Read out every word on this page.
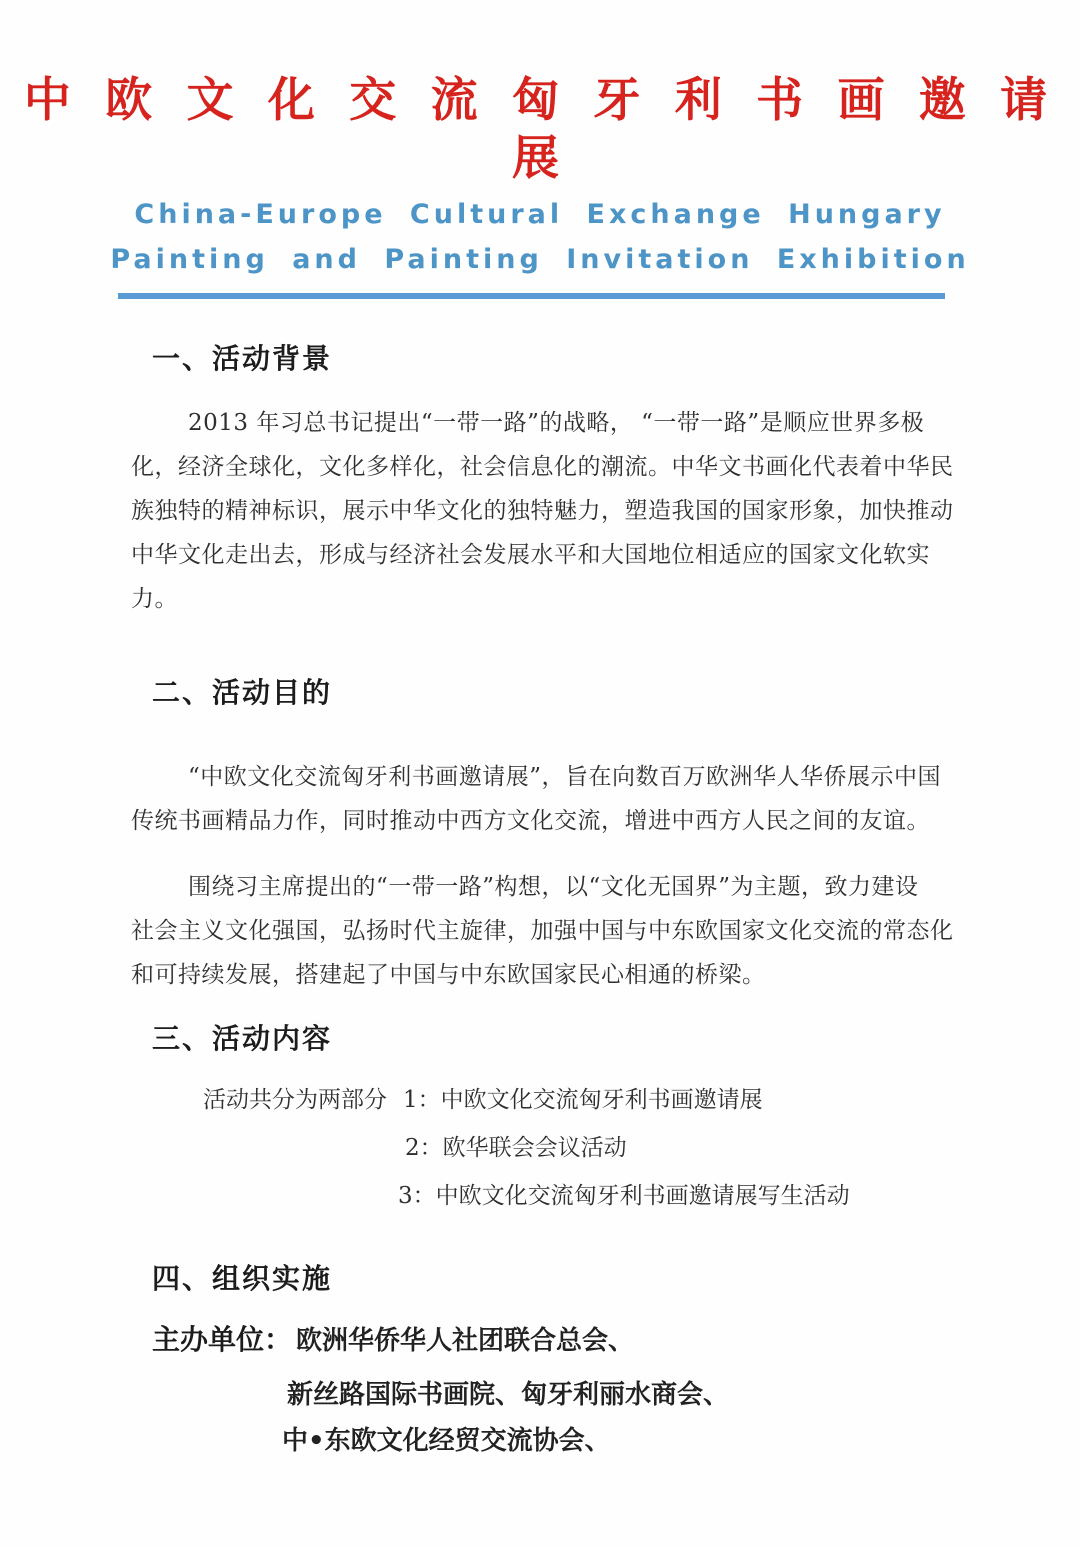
中 欧 文 化 交 流 匈 牙 利 书 画 邀 请 展
China-Europe Cultural Exchange Hungary
Painting and Painting Invitation Exhibition
一、活动背景
2013 年习总书记提出“一带一路”的战略， “一带一路”是顺应世界多极
化，经济全球化，文化多样化，社会信息化的潮流。中华文书画化代表着中华民
族独特的精神标识，展示中华文化的独特魅力，塑造我国的国家形象，加快推动
中华文化走出去，形成与经济社会发展水平和大国地位相适应的国家文化软实
力。
二、活动目的
“中欧文化交流匈牙利书画邀请展”，旨在向数百万欧洲华人华侨展示中国
传统书画精品力作，同时推动中西方文化交流，增进中西方人民之间的友谊。
围绕习主席提出的“一带一路”构想，以“文化无国界”为主题，致力建设
社会主义文化强国，弘扬时代主旋律，加强中国与中东欧国家文化交流的常态化
和可持续发展，搭建起了中国与中东欧国家民心相通的桥梁。
三、活动内容
活动共分为两部分 1：中欧文化交流匈牙利书画邀请展
2：欧华联会会议活动
3：中欧文化交流匈牙利书画邀请展写生活动
四、组织实施
主办单位： 欧洲华侨华人社团联合总会、
新丝路国际书画院、匈牙利丽水商会、
中•东欧文化经贸交流协会、
